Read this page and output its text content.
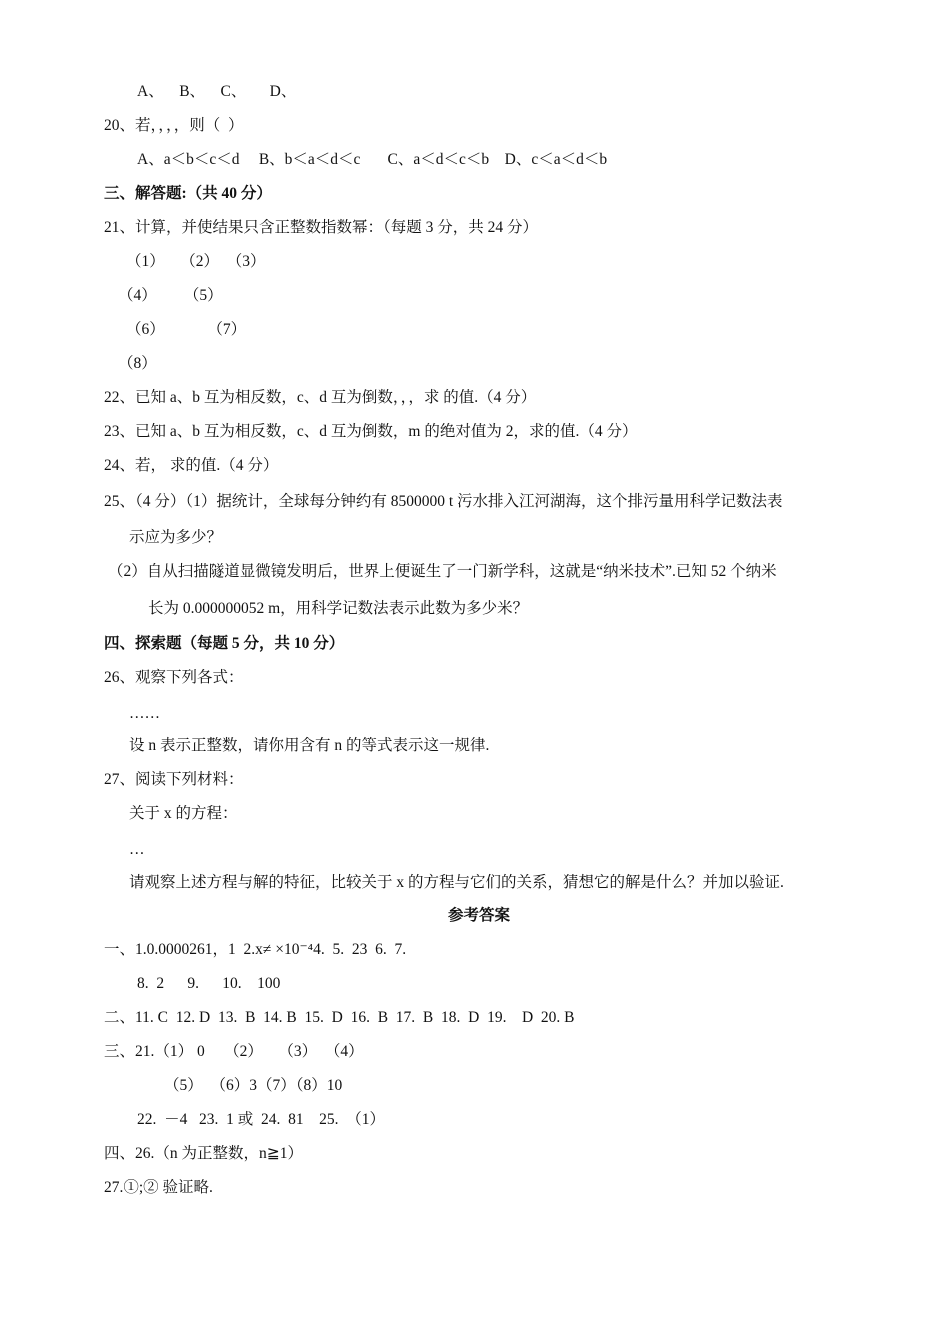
A、    B、    C、      D、
20、若，，，，则（  ）
A、a＜b＜c＜d     B、b＜a＜d＜c       C、a＜d＜c＜b    D、c＜a＜d＜b
三、解答题:（共 40 分）
21、计算，并使结果只含正整数指数幂：（每题 3 分，共 24 分）
（1）    （2）  （3）
（4）       （5）
（6）           （7）
（8）
22、已知 a、b 互为相反数，c、d 互为倒数，，，求 的值.（4 分）
23、已知 a、b 互为相反数，c、d 互为倒数，m 的绝对值为 2，求的值.（4 分）
24、若， 求的值.（4 分）
25、（4 分）（1）据统计，全球每分钟约有 8500000 t 污水排入江河湖海，这个排污量用科学记数法表
示应为多少？
（2）自从扫描隧道显微镜发明后，世界上便诞生了一门新学科，这就是“纳米技术”.已知 52 个纳米
长为 0.000000052 m，用科学记数法表示此数为多少米？
四、探索题（每题 5 分，共 10 分）
26、观察下列各式：
……
设 n 表示正整数，请你用含有 n 的等式表示这一规律.
27、阅读下列材料：
关于 x 的方程：
…
请观察上述方程与解的特征，比较关于 x 的方程与它们的关系，猜想它的解是什么？并加以验证.
参考答案
一、1.0.0000261，1  2.x≠ ×10⁻⁴4.  5.  23  6.  7.
8.  2      9.      10.    100
二、11. C  12. D  13.  B  14. B  15.  D  16.  B  17.  B  18.  D  19.    D  20. B
三、21.（1） 0     （2）    （3）  （4）
（5）  （6）3（7）（8）10
22.  －4   23.  1 或  24.  81    25.  （1）
四、26.（n 为正整数，n≧1）
27.①;② 验证略.
